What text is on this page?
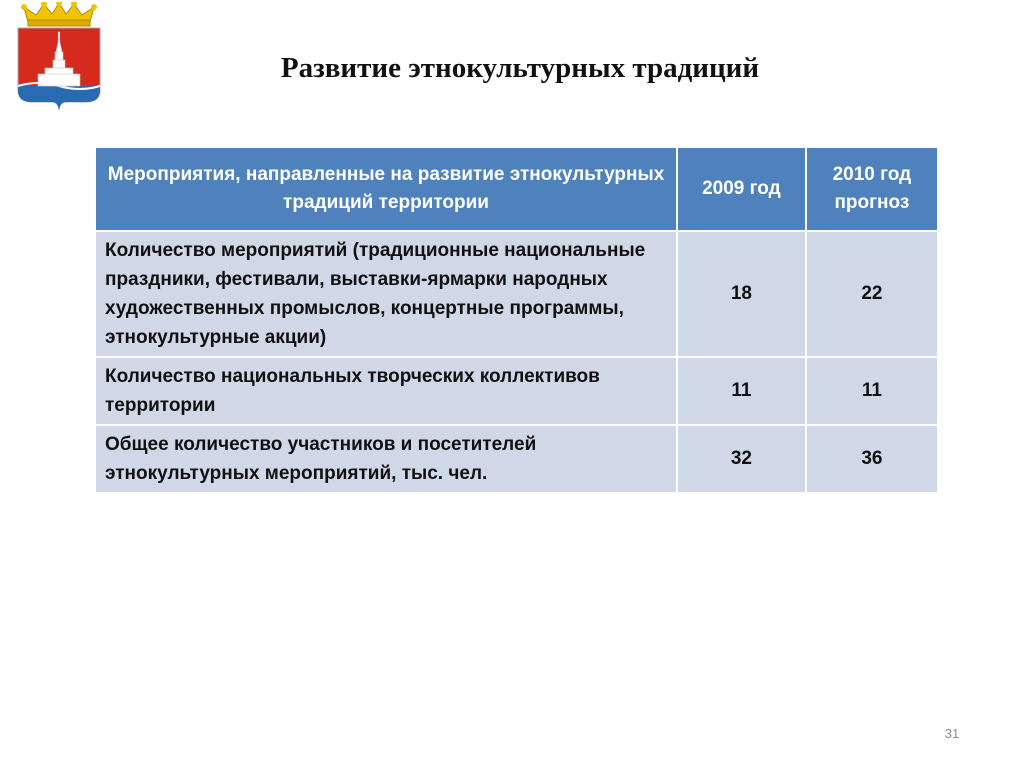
Развитие этнокультурных традиций
Мероприятия, направленные на развитие этнокультурных традиций территории	2009 год	2010 год прогноз
Количество мероприятий (традиционные национальные праздники, фестивали, выставки-ярмарки народных художественных промыслов, концертные программы, этнокультурные акции)	18	22
Количество национальных творческих коллективов территории	11	11
Общее количество участников и посетителей этнокультурных мероприятий, тыс. чел.	32	36
31
